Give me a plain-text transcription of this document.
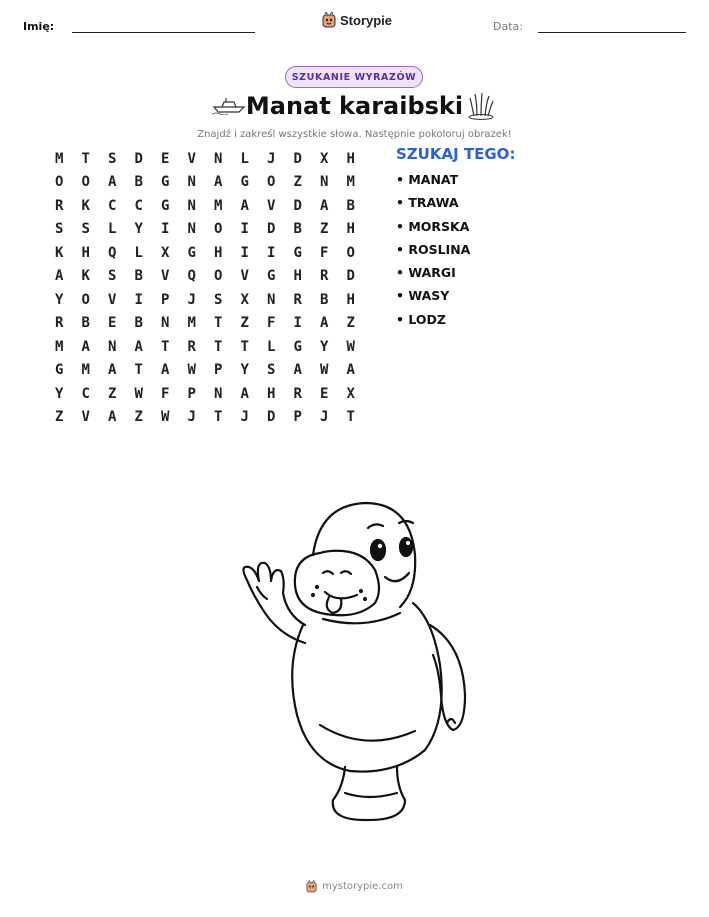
Imię:	Storypie	Data:
SZUKANIE WYRAZÓW
Manat karaibski
Znajdź i zakreśl wszystkie słowa. Następnie pokoloruj obrazek!
M	T	S	D	E	V	N	L	J	D	X	H
O	O	A	B	G	N	A	G	O	Z	N	M
R	K	C	C	G	N	M	A	V	D	A	B
S	S	L	Y	I	N	O	I	D	B	Z	H
K	H	Q	L	X	G	H	I	I	G	F	O
A	K	S	B	V	Q	O	V	G	H	R	D
Y	O	V	I	P	J	S	X	N	R	B	H
R	B	E	B	N	M	T	Z	F	I	A	Z
M	A	N	A	T	R	T	T	L	G	Y	W
G	M	A	T	A	W	P	Y	S	A	W	A
Y	C	Z	W	F	P	N	A	H	R	E	X
Z	V	A	Z	W	J	T	J	D	P	J	T
SZUKAJ TEGO:
• MANAT
• TRAWA
• MORSKA
• ROSLINA
• WARGI
• WASY
• LODZ
mystorypie.com
